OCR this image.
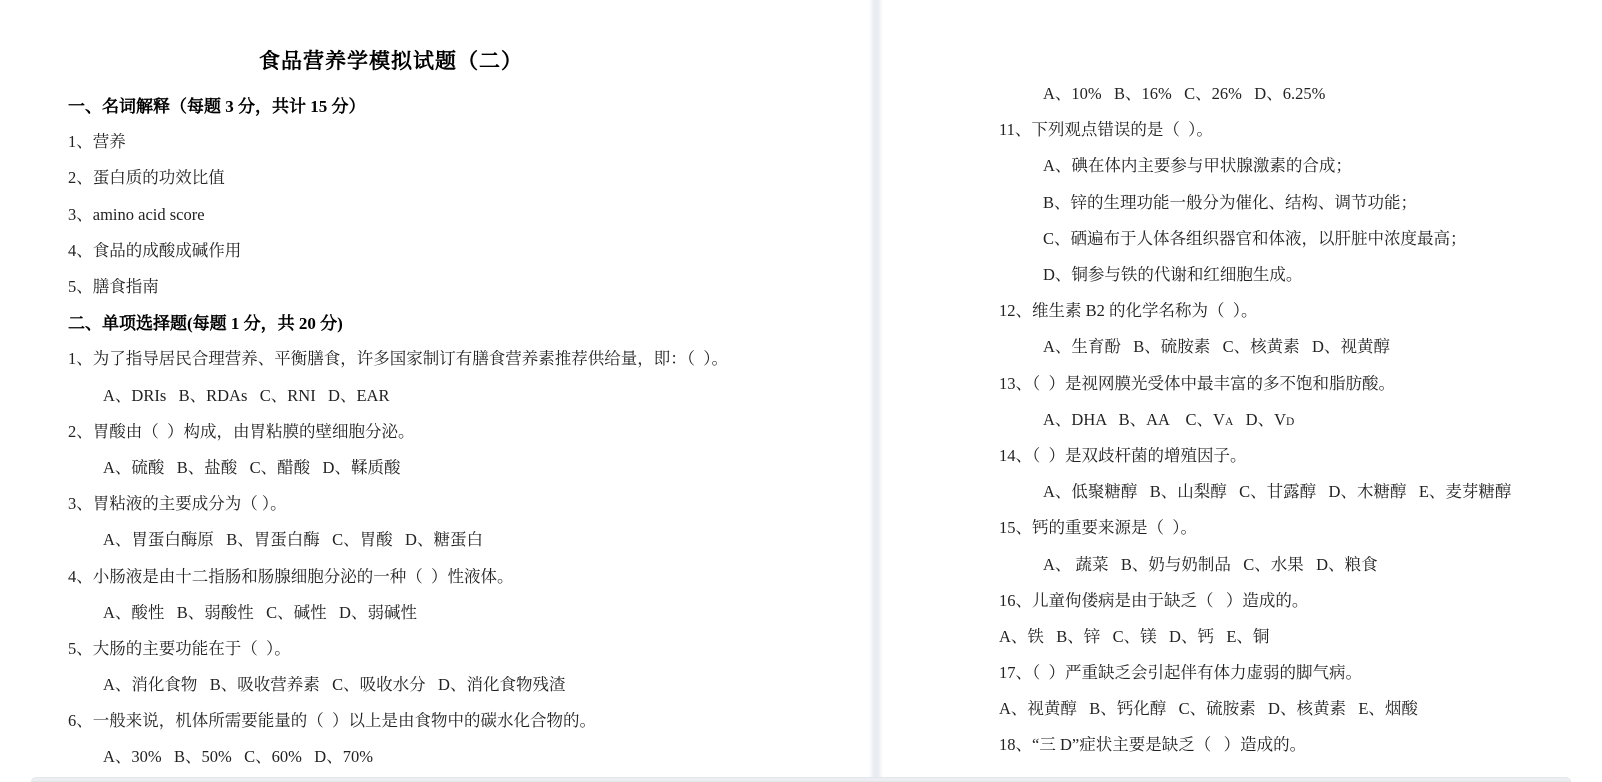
食品营养学模拟试题（二）
一、名词解释（每题 3 分，共计 15 分）
1、营养
2、蛋白质的功效比值
3、amino acid score
4、食品的成酸成碱作用
5、膳食指南
二、单项选择题(每题 1 分，共 20 分)
1、为了指导居民合理营养、平衡膳食，许多国家制订有膳食营养素推荐供给量，即：（  ）。
A、DRIs   B、RDAs   C、RNI   D、EAR
2、胃酸由（  ）构成，由胃粘膜的壁细胞分泌。
A、硫酸   B、盐酸   C、醋酸   D、鞣质酸
3、胃粘液的主要成分为（ ）。
A、胃蛋白酶原   B、胃蛋白酶   C、胃酸   D、糖蛋白
4、小肠液是由十二指肠和肠腺细胞分泌的一种（  ）性液体。
A、酸性   B、弱酸性   C、碱性   D、弱碱性
5、大肠的主要功能在于（  ）。
A、消化食物   B、吸收营养素   C、吸收水分   D、消化食物残渣
6、一般来说，机体所需要能量的（  ）以上是由食物中的碳水化合物的。
A、30%   B、50%   C、60%   D、70%
A、10%   B、16%   C、26%   D、6.25%
11、下列观点错误的是（  ）。
A、碘在体内主要参与甲状腺激素的合成；
B、锌的生理功能一般分为催化、结构、调节功能；
C、硒遍布于人体各组织器官和体液，以肝脏中浓度最高；
D、铜参与铁的代谢和红细胞生成。
12、维生素 B2 的化学名称为（  ）。
A、生育酚   B、硫胺素   C、核黄素   D、视黄醇
13、（  ）是视网膜光受体中最丰富的多不饱和脂肪酸。
A、DHA   B、AA    C、$V_A$ D、$V_D$
14、（  ）是双歧杆菌的增殖因子。
A、低聚糖醇   B、山梨醇   C、甘露醇   D、木糖醇   E、麦芽糖醇
15、钙的重要来源是（  ）。
A、 蔬菜   B、奶与奶制品   C、水果   D、粮食
16、儿童佝偻病是由于缺乏（   ）造成的。
A、铁   B、锌   C、镁   D、钙   E、铜
17、（  ）严重缺乏会引起伴有体力虚弱的脚气病。
A、视黄醇   B、钙化醇   C、硫胺素   D、核黄素   E、烟酸
18、“三 D”症状主要是缺乏（   ）造成的。
